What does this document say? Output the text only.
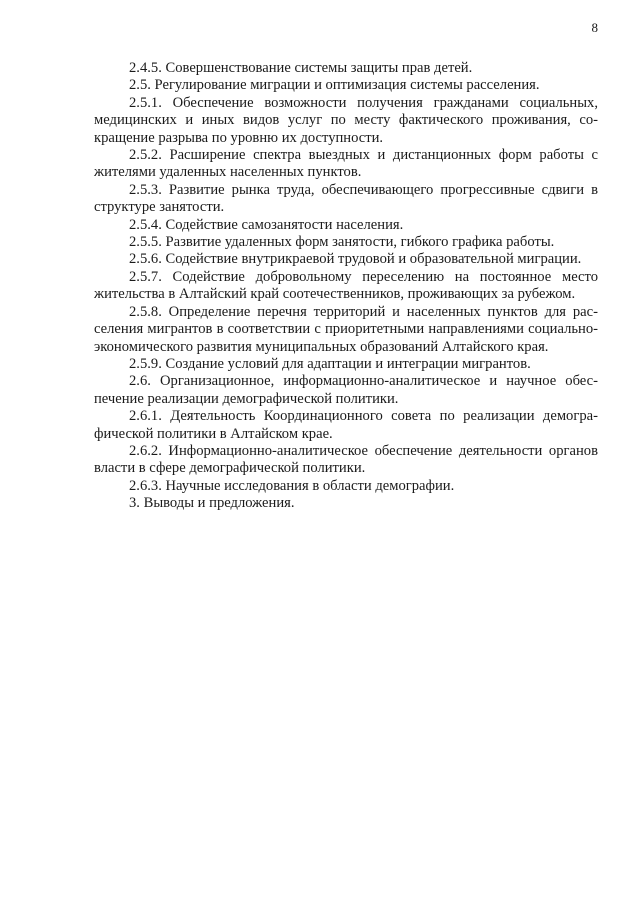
8

2.4.5. Совершенствование системы защиты прав детей.

2.5. Регулирование миграции и оптимизация системы расселения.

2.5.1. Обеспечение возможности получения гражданами социальных, медицинских и иных видов услуг по месту фактического проживания, сокращение разрыва по уровню их доступности.

2.5.2. Расширение спектра выездных и дистанционных форм работы с жителями удаленных населенных пунктов.

2.5.3. Развитие рынка труда, обеспечивающего прогрессивные сдвиги в структуре занятости.

2.5.4. Содействие самозанятости населения.

2.5.5. Развитие удаленных форм занятости, гибкого графика работы.

2.5.6. Содействие внутрикраевой трудовой и образовательной миграции.

2.5.7. Содействие добровольному переселению на постоянное место жительства в Алтайский край соотечественников, проживающих за рубежом.

2.5.8. Определение перечня территорий и населенных пунктов для расселения мигрантов в соответствии с приоритетными направлениями социально-экономического развития муниципальных образований Алтайского края.

2.5.9. Создание условий для адаптации и интеграции мигрантов.

2.6. Организационное, информационно-аналитическое и научное обеспечение реализации демографической политики.

2.6.1. Деятельность Координационного совета по реализации демографической политики в Алтайском крае.

2.6.2. Информационно-аналитическое обеспечение деятельности органов власти в сфере демографической политики.

2.6.3. Научные исследования в области демографии.

3. Выводы и предложения.
